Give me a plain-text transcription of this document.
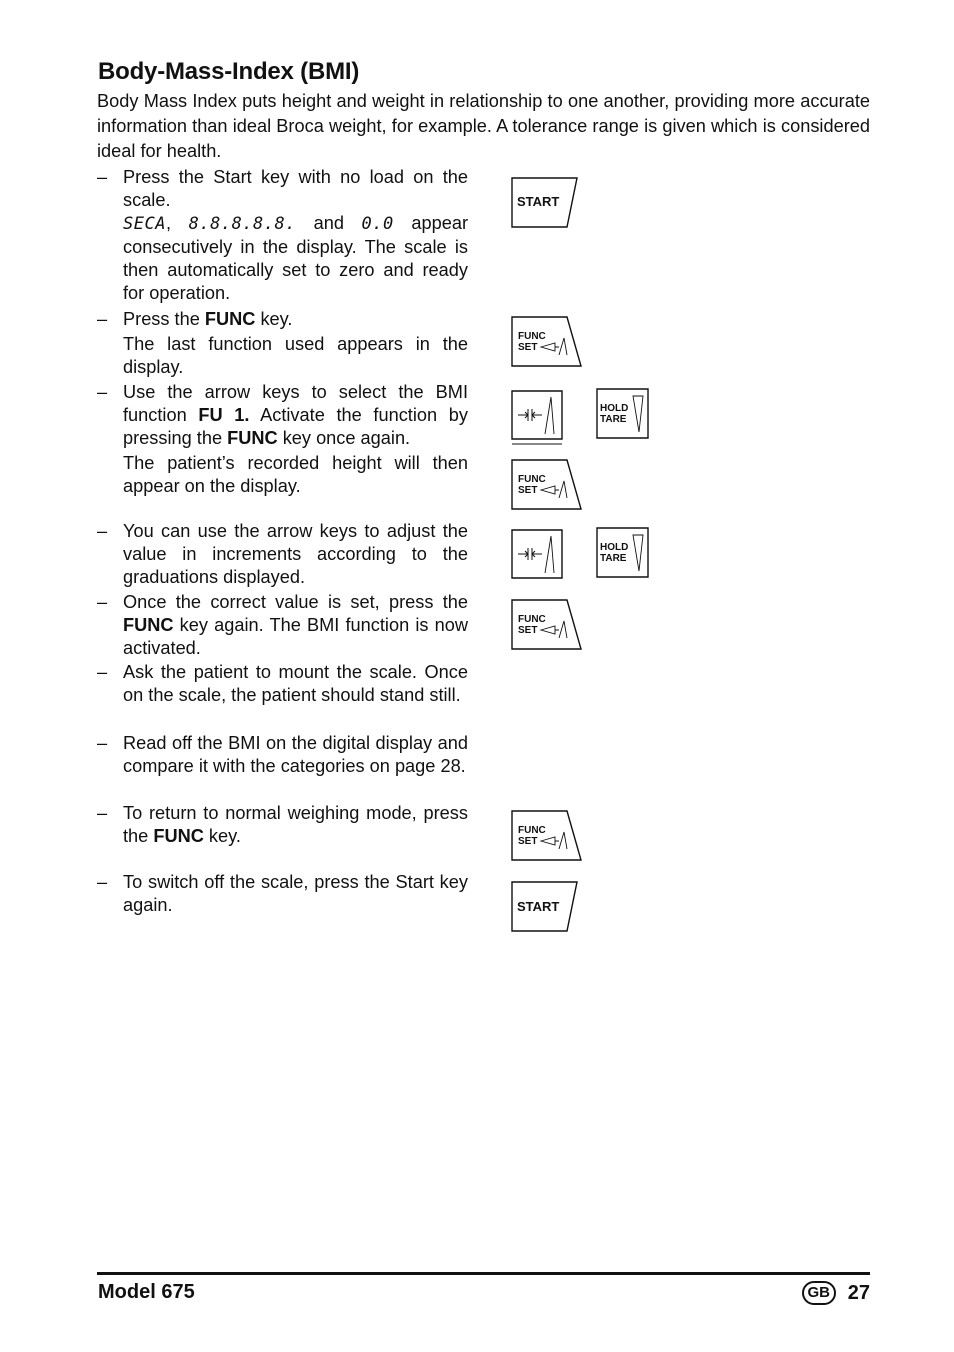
Body-Mass-Index (BMI)
Body Mass Index puts height and weight in relationship to one another, providing more accurate information than ideal Broca weight, for example. A tolerance range is given which is considered ideal for health.
– Press the Start key with no load on the scale.

SECA, 8.8.8.8.8. and 0.0 appear consecutively in the display. The scale is then automatically set to zero and ready for operation.

– Press the FUNC key.

The last function used appears in the display.

– Use the arrow keys to select the BMI function FU 1. Activate the function by pressing the FUNC key once again.

The patient’s recorded height will then appear on the display.

– You can use the arrow keys to adjust the value in increments according to the graduations displayed.

– Once the correct value is set, press the FUNC key again. The BMI function is now activated.

– Ask the patient to mount the scale. Once on the scale, the patient should stand still.

– Read off the BMI on the digital display and compare it with the categories on page 28.

– To return to normal weighing mode, press the FUNC key.

– To switch off the scale, press the Start key again.

START
FUNC
SET
HOLD
TARE
FUNC
SET
HOLD
TARE
FUNC
SET
FUNC
SET
START
Model 675	GB 27
